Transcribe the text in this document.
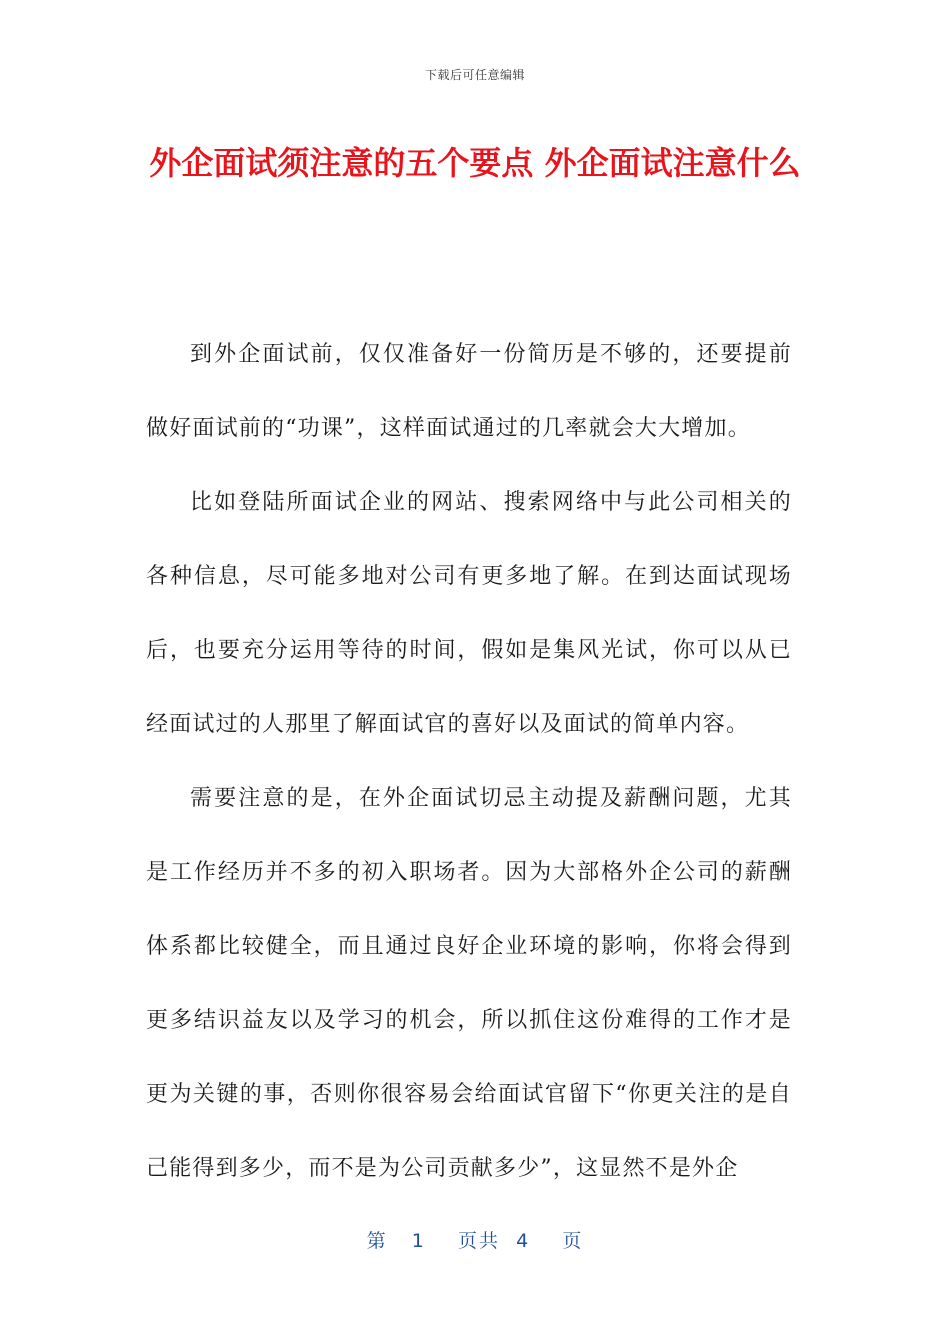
下载后可任意编辑
外企面试须注意的五个要点 外企面试注意什么

到外企面试前，仅仅准备好一份简历是不够的，还要提前做好面试前的“功课”，这样面试通过的几率就会大大增加。

比如登陆所面试企业的网站、搜索网络中与此公司相关的各种信息，尽可能多地对公司有更多地了解。在到达面试现场后，也要充分运用等待的时间，假如是集风光试，你可以从已经面试过的人那里了解面试官的喜好以及面试的简单内容。

需要注意的是，在外企面试切忌主动提及薪酬问题，尤其是工作经历并不多的初入职场者。因为大部格外企公司的薪酬体系都比较健全，而且通过良好企业环境的影响，你将会得到更多结识益友以及学习的机会，所以抓住这份难得的工作才是更为关键的事，否则你很容易会给面试官留下“你更关注的是自己能得到多少，而不是为公司贡献多少”，这显然不是外企

第 1 页共 4 页
